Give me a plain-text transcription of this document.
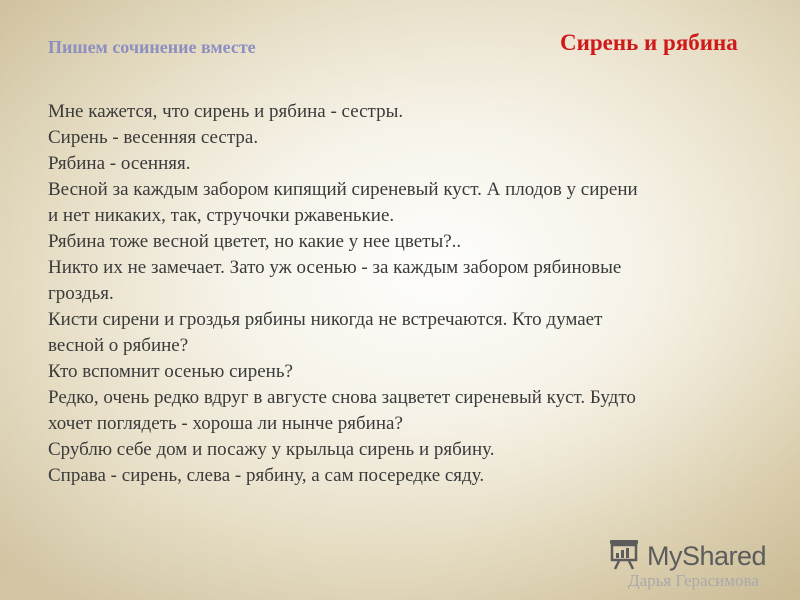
Пишем сочинение вместе	Сирень и рябина
Мне кажется, что сирень и рябина - сестры.
Сирень - весенняя сестра.
Рябина - осенняя.
Весной за каждым забором кипящий сиреневый куст. А плодов у сирени
и нет никаких, так, стручочки ржавенькие.
Рябина тоже весной цветет, но какие у нее цветы?..
Никто их не замечает. Зато уж осенью - за каждым забором рябиновые
гроздья.
Кисти сирени и гроздья рябины никогда не встречаются. Кто думает
весной о рябине?
Кто вспомнит осенью сирень?
Редко, очень редко вдруг в августе снова зацветет сиреневый куст. Будто
хочет поглядеть - хороша ли нынче рябина?
Срублю себе дом и посажу у крыльца сирень и рябину.
Справа - сирень, слева - рябину, а сам посередке сяду.
MyShared
Дарья Герасимова
